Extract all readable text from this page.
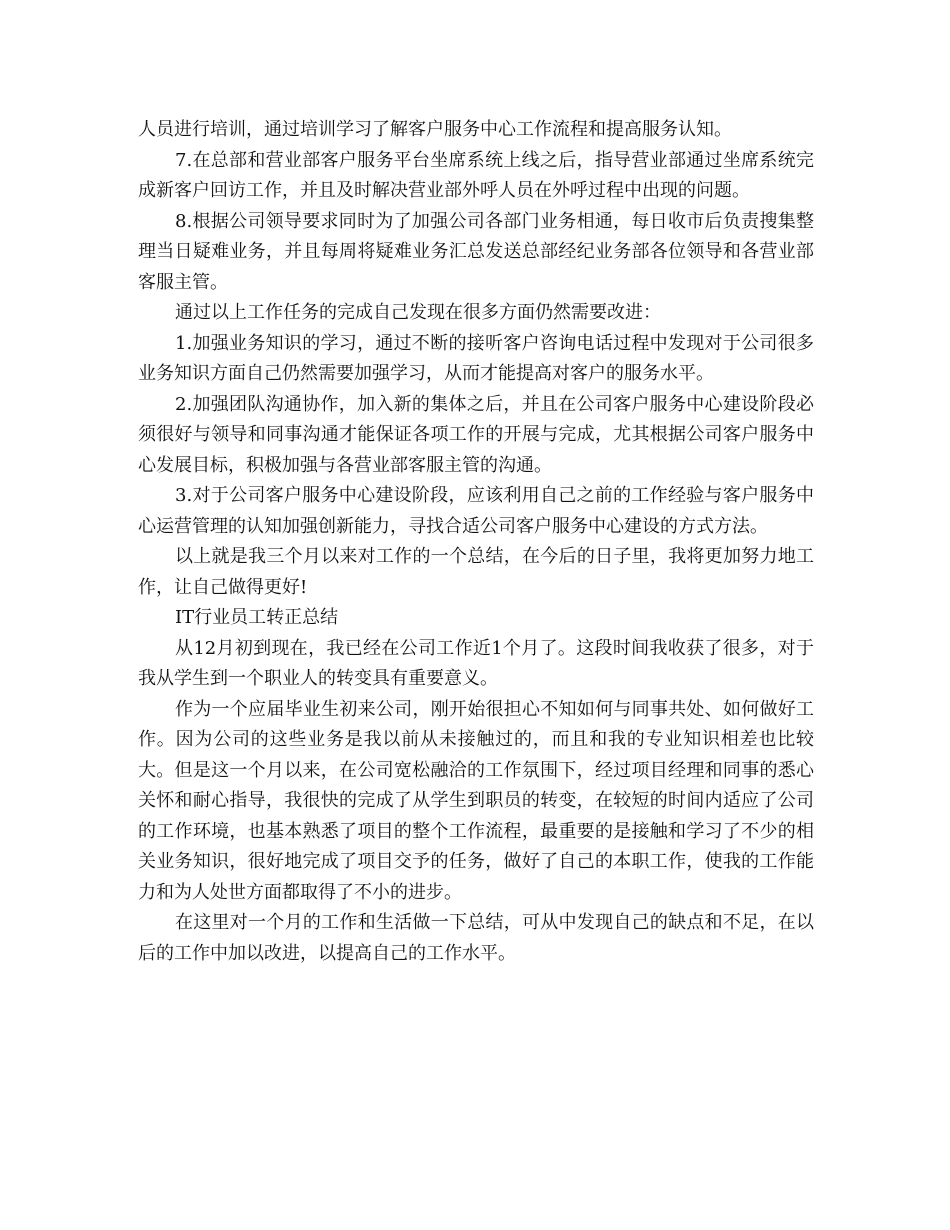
人员进行培训，通过培训学习了解客户服务中心工作流程和提高服务认知。

7.在总部和营业部客户服务平台坐席系统上线之后，指导营业部通过坐席系统完成新客户回访工作，并且及时解决营业部外呼人员在外呼过程中出现的问题。

8.根据公司领导要求同时为了加强公司各部门业务相通，每日收市后负责搜集整理当日疑难业务，并且每周将疑难业务汇总发送总部经纪业务部各位领导和各营业部客服主管。

通过以上工作任务的完成自己发现在很多方面仍然需要改进：

1.加强业务知识的学习，通过不断的接听客户咨询电话过程中发现对于公司很多业务知识方面自己仍然需要加强学习，从而才能提高对客户的服务水平。

2.加强团队沟通协作，加入新的集体之后，并且在公司客户服务中心建设阶段必须很好与领导和同事沟通才能保证各项工作的开展与完成，尤其根据公司客户服务中心发展目标，积极加强与各营业部客服主管的沟通。

3.对于公司客户服务中心建设阶段，应该利用自己之前的工作经验与客户服务中心运营管理的认知加强创新能力，寻找合适公司客户服务中心建设的方式方法。

以上就是我三个月以来对工作的一个总结，在今后的日子里，我将更加努力地工作，让自己做得更好!

IT行业员工转正总结

从12月初到现在，我已经在公司工作近1个月了。这段时间我收获了很多，对于我从学生到一个职业人的转变具有重要意义。

作为一个应届毕业生初来公司，刚开始很担心不知如何与同事共处、如何做好工作。因为公司的这些业务是我以前从未接触过的，而且和我的专业知识相差也比较大。但是这一个月以来，在公司宽松融洽的工作氛围下，经过项目经理和同事的悉心关怀和耐心指导，我很快的完成了从学生到职员的转变，在较短的时间内适应了公司的工作环境，也基本熟悉了项目的整个工作流程，最重要的是接触和学习了不少的相关业务知识，很好地完成了项目交予的任务，做好了自己的本职工作，使我的工作能力和为人处世方面都取得了不小的进步。

在这里对一个月的工作和生活做一下总结，可从中发现自己的缺点和不足，在以后的工作中加以改进，以提高自己的工作水平。
